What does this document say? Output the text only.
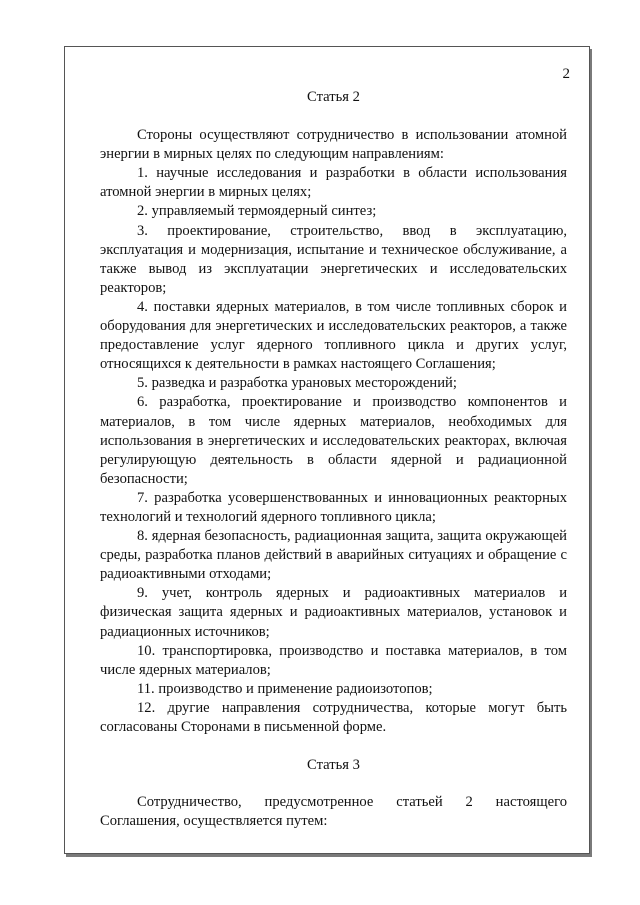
2

Статья 2

Стороны осуществляют сотрудничество в использовании атомной энергии в мирных целях по следующим направлениям:

1. научные исследования и разработки в области использования атомной энергии в мирных целях;

2. управляемый термоядерный синтез;

3. проектирование, строительство, ввод в эксплуатацию, эксплуатация и модернизация, испытание и техническое обслуживание, а также вывод из эксплуатации энергетических и исследовательских реакторов;

4. поставки ядерных материалов, в том числе топливных сборок и оборудования для энергетических и исследовательских реакторов, а также предоставление услуг ядерного топливного цикла и других услуг, относящихся к деятельности в рамках настоящего Соглашения;

5. разведка и разработка урановых месторождений;

6. разработка, проектирование и производство компонентов и материалов, в том числе ядерных материалов, необходимых для использования в энергетических и исследовательских реакторах, включая регулирующую деятельность в области ядерной и радиационной безопасности;

7. разработка усовершенствованных и инновационных реакторных технологий и технологий ядерного топливного цикла;

8. ядерная безопасность, радиационная защита, защита окружающей среды, разработка планов действий в аварийных ситуациях и обращение с радиоактивными отходами;

9. учет, контроль ядерных и радиоактивных материалов и физическая защита ядерных и радиоактивных материалов, установок и радиационных источников;

10. транспортировка, производство и поставка материалов, в том числе ядерных материалов;

11. производство и применение радиоизотопов;

12. другие направления сотрудничества, которые могут быть согласованы Сторонами в письменной форме.

Статья 3

Сотрудничество, предусмотренное статьей 2 настоящего Соглашения, осуществляется путем:
